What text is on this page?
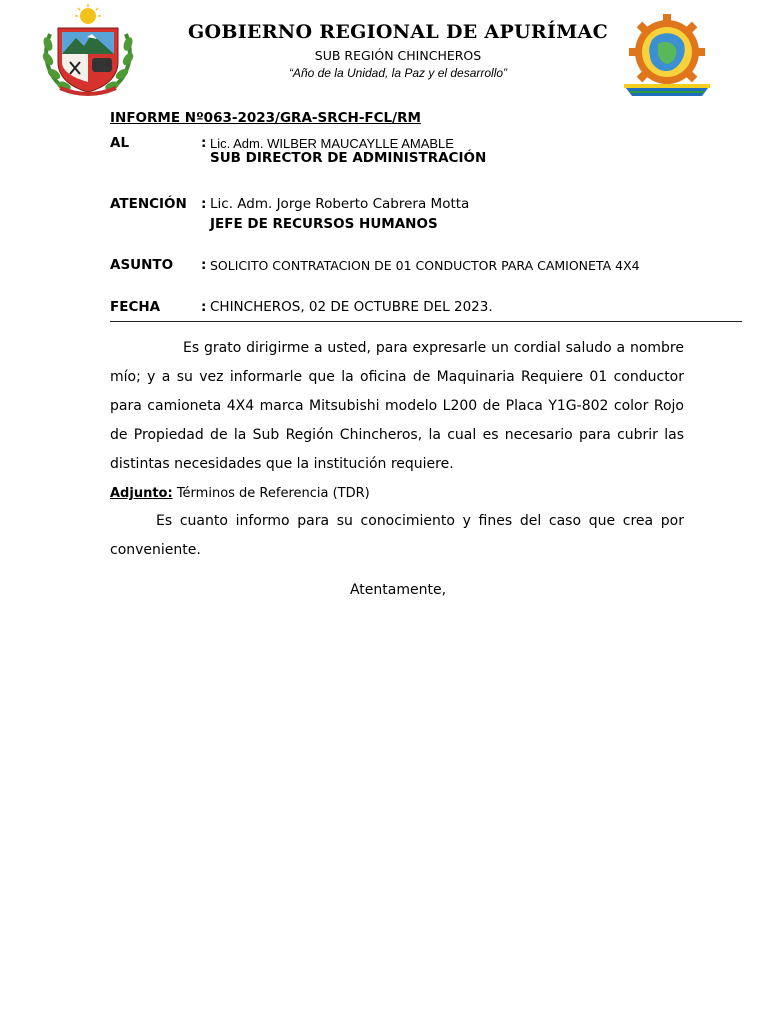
GOBIERNO REGIONAL DE APURÍMAC
SUB REGIÓN CHINCHEROS
“Año de la Unidad, la Paz y el desarrollo”
INFORME Nº063-2023/GRA-SRCH-FCL/RM
AL	: Lic. Adm. WILBER MAUCAYLLE AMABLE
SUB DIRECTOR DE ADMINISTRACIÓN
ATENCIÓN : Lic. Adm. Jorge Roberto Cabrera Motta
JEFE DE RECURSOS HUMANOS
ASUNTO : SOLICITO CONTRATACION DE 01 CONDUCTOR PARA CAMIONETA 4X4
FECHA	: CHINCHEROS, 02 DE OCTUBRE DEL 2023.
Es grato dirigirme a usted, para expresarle un cordial saludo a nombre mío; y a su vez informarle que la oficina de Maquinaria Requiere 01 conductor para camioneta 4X4 marca Mitsubishi modelo L200 de Placa Y1G-802 color Rojo de Propiedad de la Sub Región Chincheros, la cual es necesario para cubrir las distintas necesidades que la institución requiere.
Adjunto: Términos de Referencia (TDR)
Es cuanto informo para su conocimiento y fines del caso que crea por conveniente.
Atentamente,
